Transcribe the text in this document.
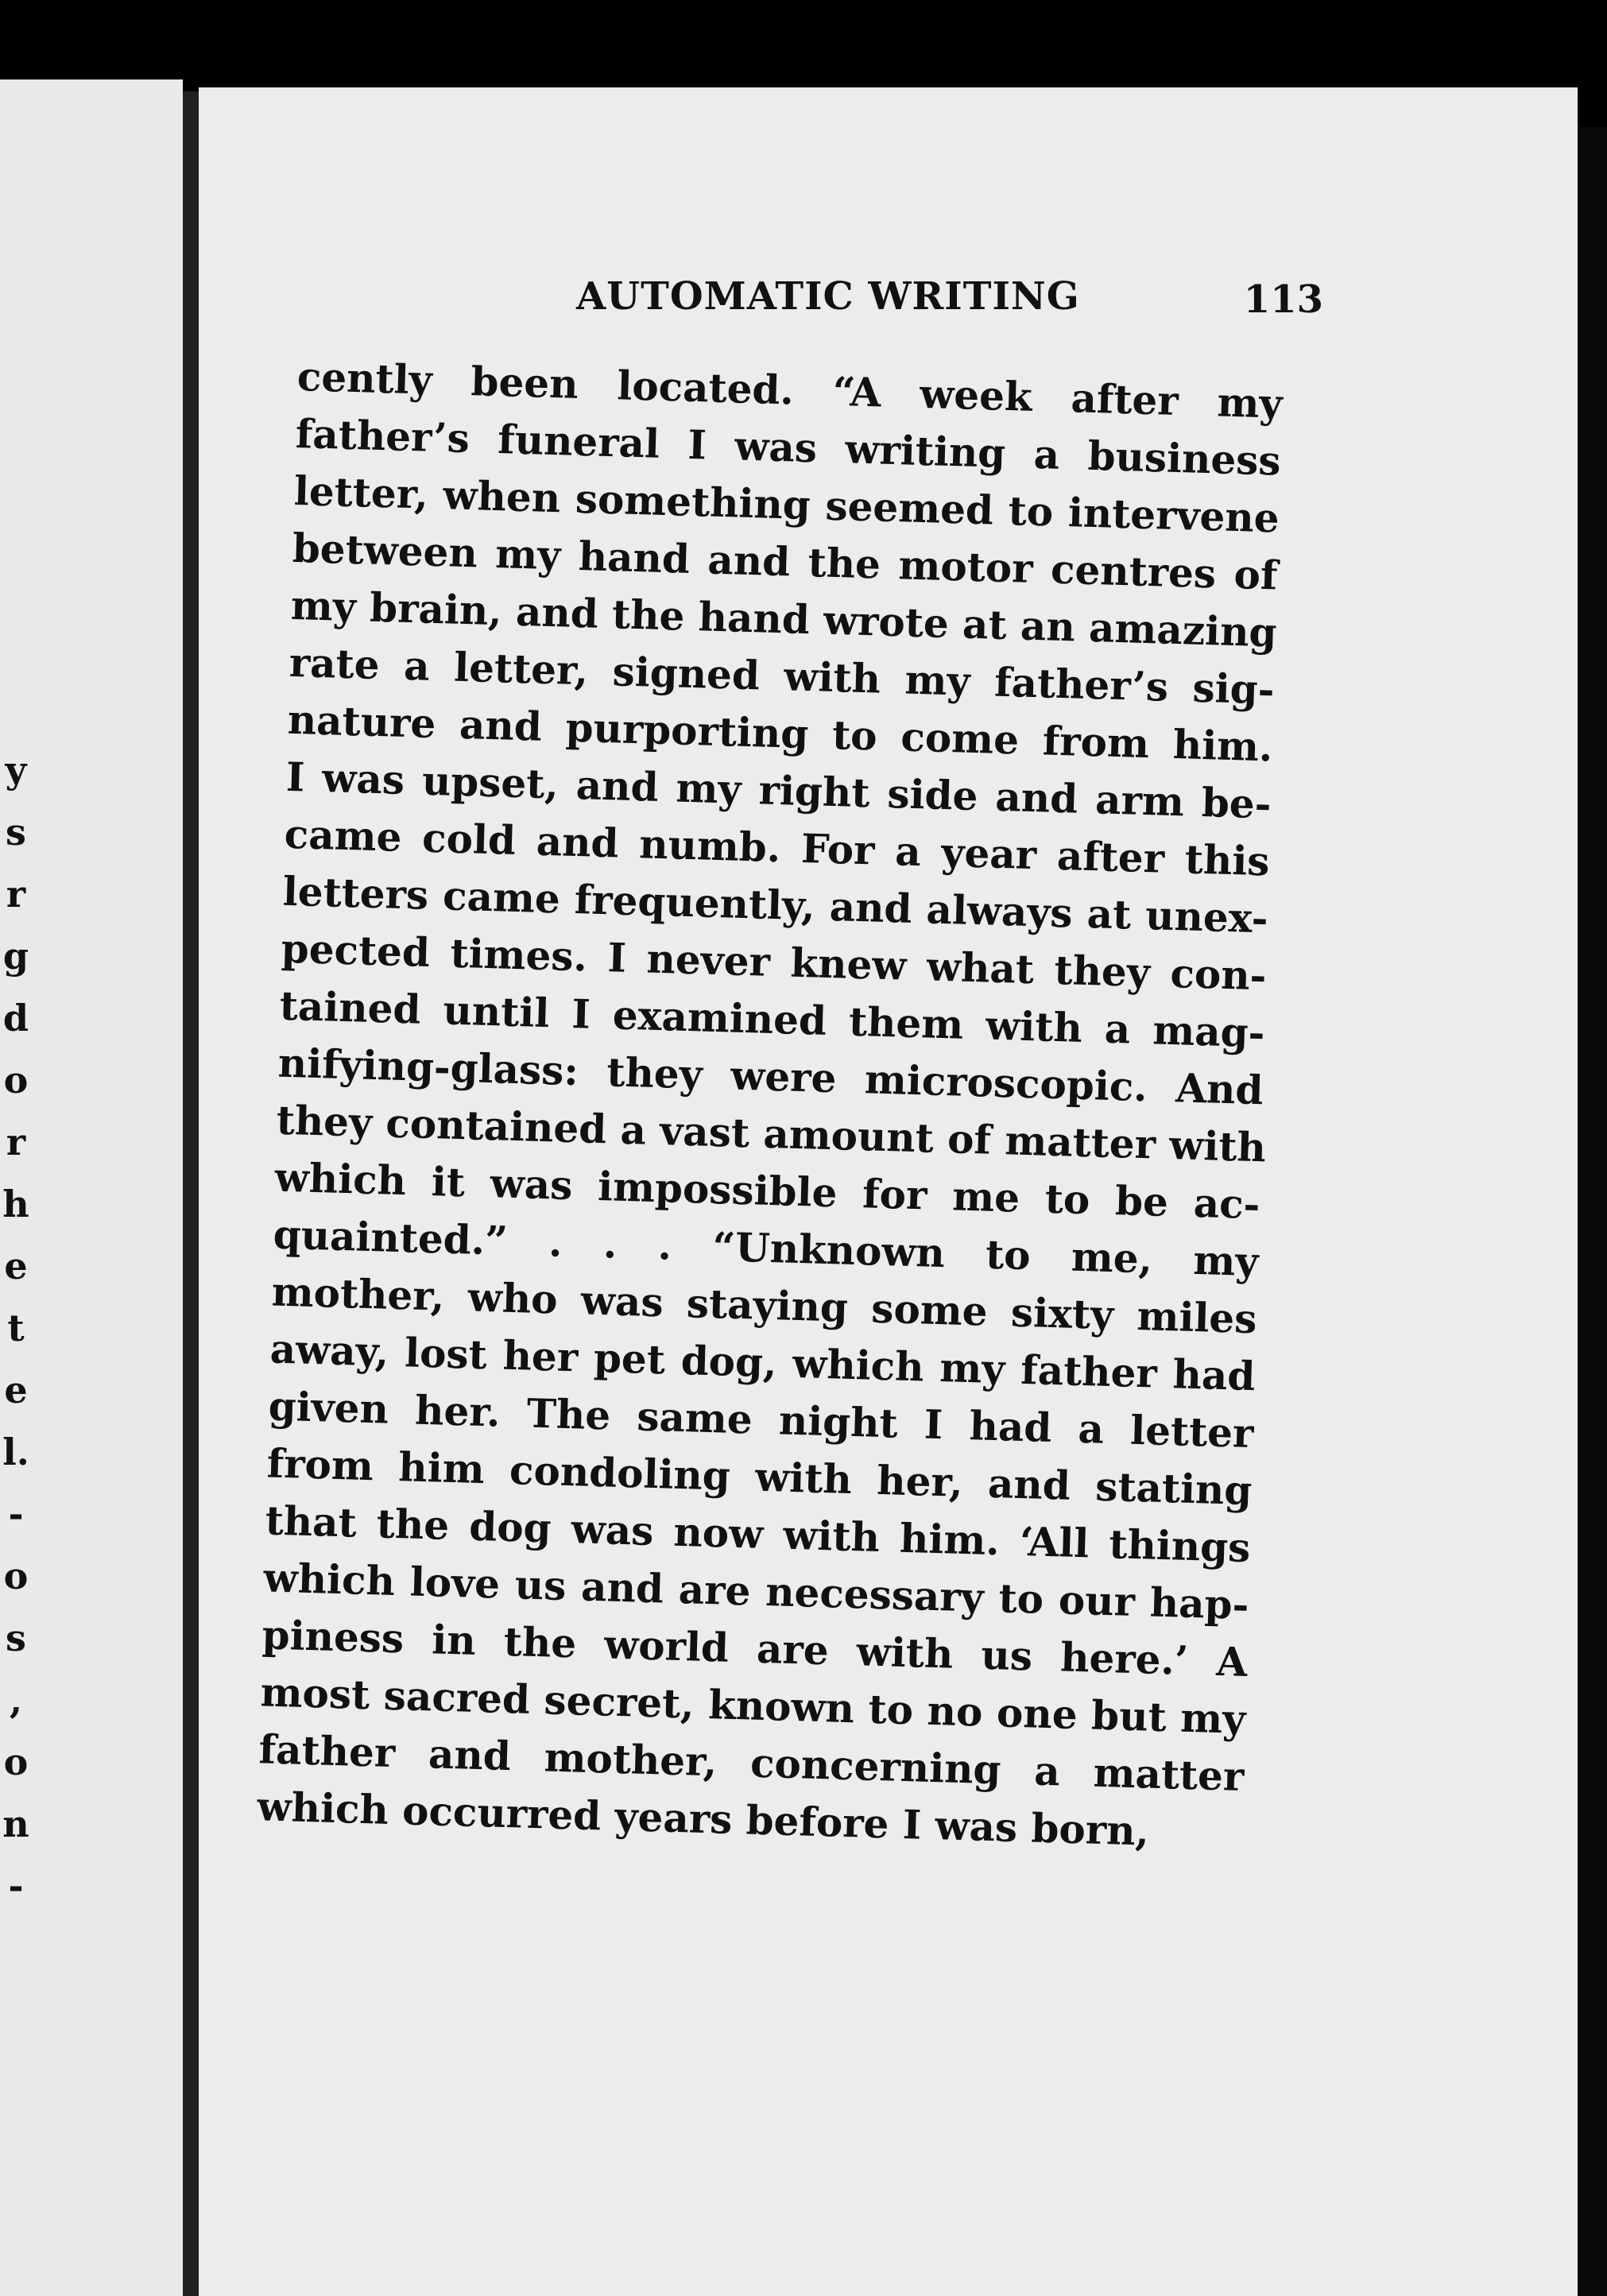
y
s
r
g
d
o
r
h
e
t
e
l.
-
o
s
,
o
n
-
AUTOMATIC WRITING	113
cently been located. “A week after my
father’s funeral I was writing a business
letter, when something seemed to intervene
between my hand and the motor centres of
my brain, and the hand wrote at an amazing
rate a letter, signed with my father’s sig-
nature and purporting to come from him.
I was upset, and my right side and arm be-
came cold and numb. For a year after this
letters came frequently, and always at unex-
pected times. I never knew what they con-
tained until I examined them with a mag-
nifying-glass: they were microscopic. And
they contained a vast amount of matter with
which it was impossible for me to be ac-
quainted.” . . . “Unknown to me, my
mother, who was staying some sixty miles
away, lost her pet dog, which my father had
given her. The same night I had a letter
from him condoling with her, and stating
that the dog was now with him. ‘All things
which love us and are necessary to our hap-
piness in the world are with us here.’ A
most sacred secret, known to no one but my
father and mother, concerning a matter
which occurred years before I was born,
